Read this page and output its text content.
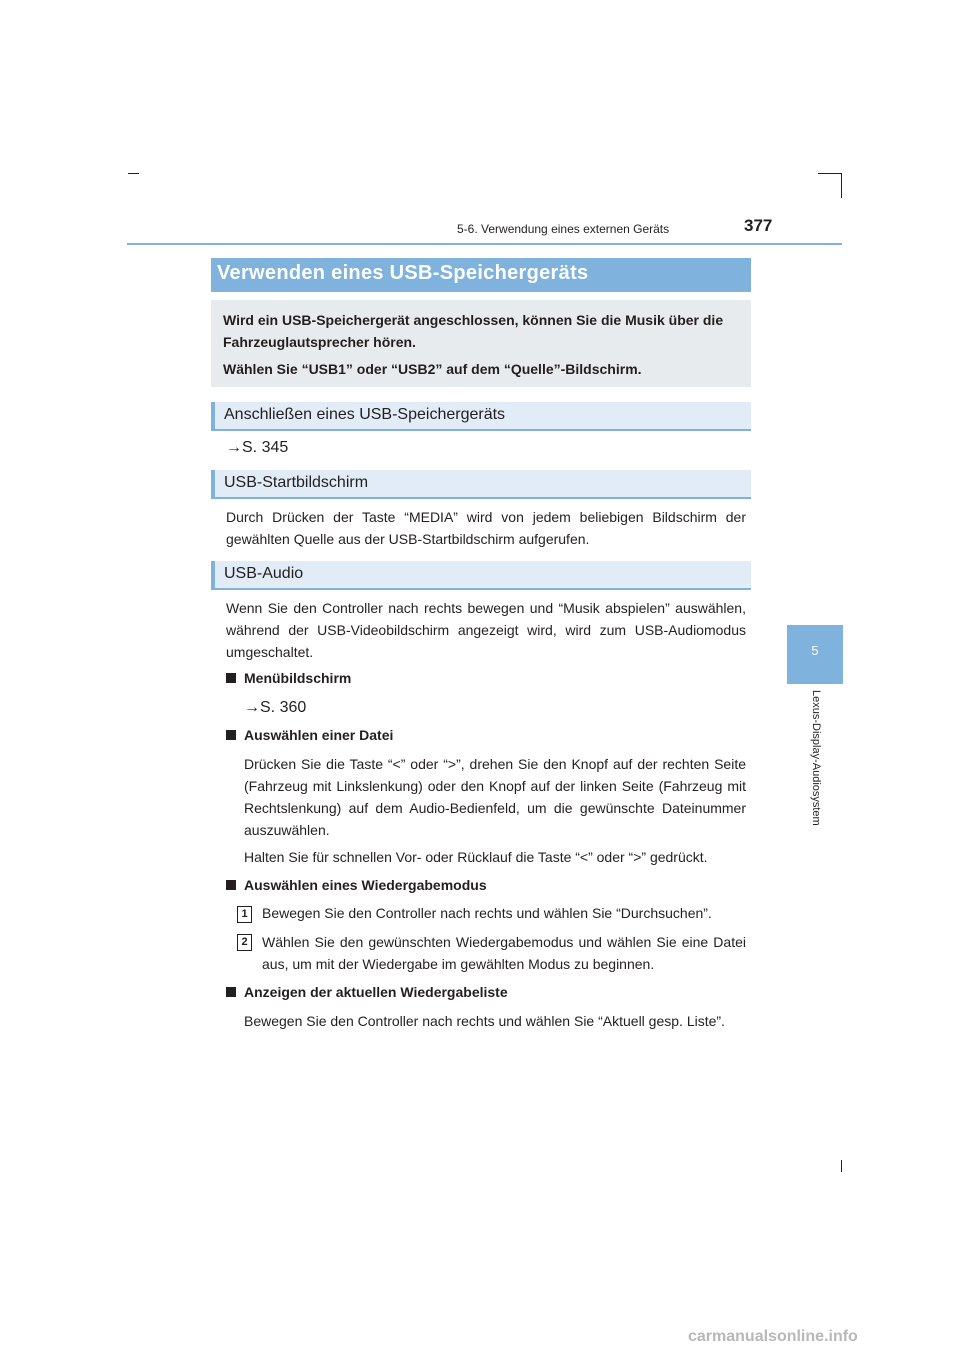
5-6. Verwendung eines externen Geräts	377
5
Lexus-Display-Audiosystem
Verwenden eines USB-Speichergeräts

Wird ein USB-Speichergerät angeschlossen, können Sie die Musik über die Fahrzeuglautsprecher hören.

Wählen Sie “USB1” oder “USB2” auf dem “Quelle”-Bildschirm.

Anschließen eines USB-Speichergeräts
→S. 345
USB-Startbildschirm
Durch Drücken der Taste “MEDIA” wird von jedem beliebigen Bildschirm der gewählten Quelle aus der USB-Startbildschirm aufgerufen.
USB-Audio
Wenn Sie den Controller nach rechts bewegen und “Musik abspielen” auswählen, während der USB-Videobildschirm angezeigt wird, wird zum USB-Audiomodus umgeschaltet.
Menübildschirm
→S. 360
Auswählen einer Datei
Drücken Sie die Taste “<” oder “>”, drehen Sie den Knopf auf der rechten Seite (Fahrzeug mit Linkslenkung) oder den Knopf auf der linken Seite (Fahrzeug mit Rechtslenkung) auf dem Audio-Bedienfeld, um die gewünschte Dateinummer auszuwählen.
Halten Sie für schnellen Vor- oder Rücklauf die Taste “<” oder “>” gedrückt.
Auswählen eines Wiedergabemodus
1	Bewegen Sie den Controller nach rechts und wählen Sie “Durchsuchen”.
2	Wählen Sie den gewünschten Wiedergabemodus und wählen Sie eine Datei aus, um mit der Wiedergabe im gewählten Modus zu beginnen.
Anzeigen der aktuellen Wiedergabeliste
Bewegen Sie den Controller nach rechts und wählen Sie “Aktuell gesp. Liste”.
carmanualsonline.info
